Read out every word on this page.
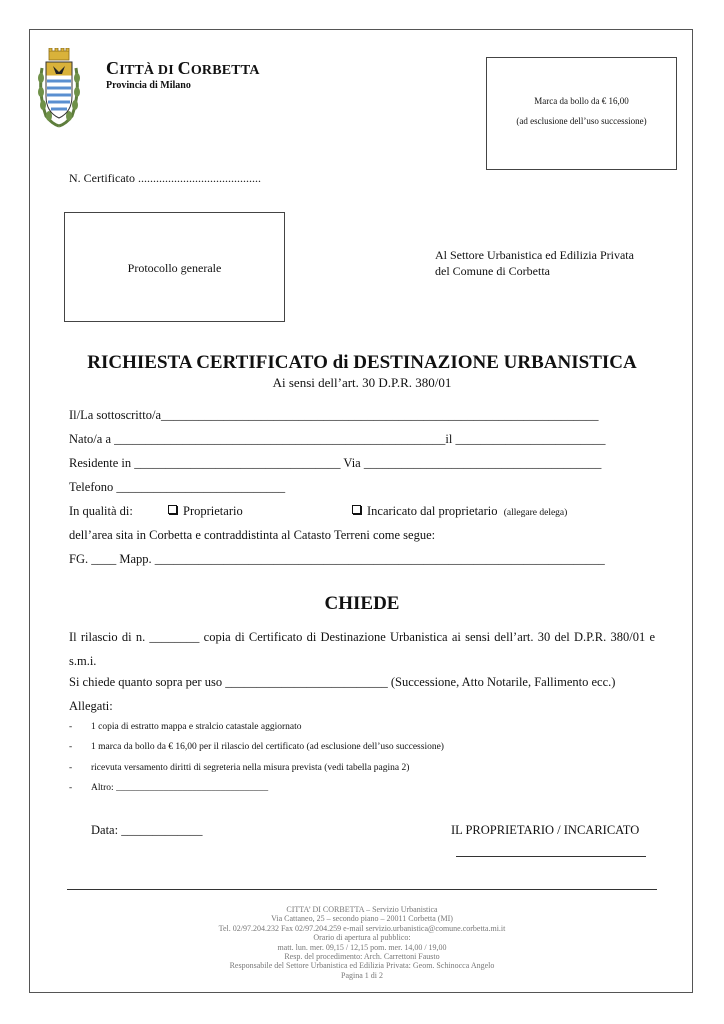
CITTÀ DI CORBETTA
Provincia di Milano
Marca da bollo da € 16,00
(ad esclusione dell’uso successione)
N. Certificato .........................................
Protocollo generale
Al Settore Urbanistica ed Edilizia Privata
del Comune di Corbetta
RICHIESTA CERTIFICATO di DESTINAZIONE URBANISTICA
Ai sensi dell’art. 30 D.P.R. 380/01
Il/La sottoscritto/a______________________________________________________________________
Nato/a a _____________________________________________________il ________________________
Residente in _________________________________ Via ______________________________________
Telefono ___________________________
In qualità di:	Proprietario	Incaricato dal proprietario (allegare delega)
dell’area sita in Corbetta e contraddistinta al Catasto Terreni come segue:
FG. ____ Mapp. ________________________________________________________________________
CHIEDE
Il rilascio di n. ________ copia di Certificato di Destinazione Urbanistica ai sensi dell’art. 30 del D.P.R. 380/01 e s.m.i.
Si chiede quanto sopra per uso __________________________ (Successione, Atto Notarile, Fallimento ecc.)
Allegati:
- 1 copia di estratto mappa e stralcio catastale aggiornato
- 1 marca da bollo da € 16,00 per il rilascio del certificato (ad esclusione dell’uso successione)
- ricevuta versamento diritti di segreteria nella misura prevista (vedi tabella pagina 2)
- Altro: ________________________________
Data: _____________	IL PROPRIETARIO / INCARICATO
CITTA’ DI CORBETTA – Servizio Urbanistica
Via Cattaneo, 25 – secondo piano – 20011 Corbetta (MI)
Tel. 02/97.204.232 Fax 02/97.204.259 e-mail servizio.urbanistica@comune.corbetta.mi.it
Orario di apertura al pubblico:
matt. lun. mer. 09,15 / 12,15 pom. mer. 14,00 / 19,00
Resp. del procedimento: Arch. Carrettoni Fausto
Responsabile del Settore Urbanistica ed Edilizia Privata: Geom. Schinocca Angelo
Pagina 1 di 2
